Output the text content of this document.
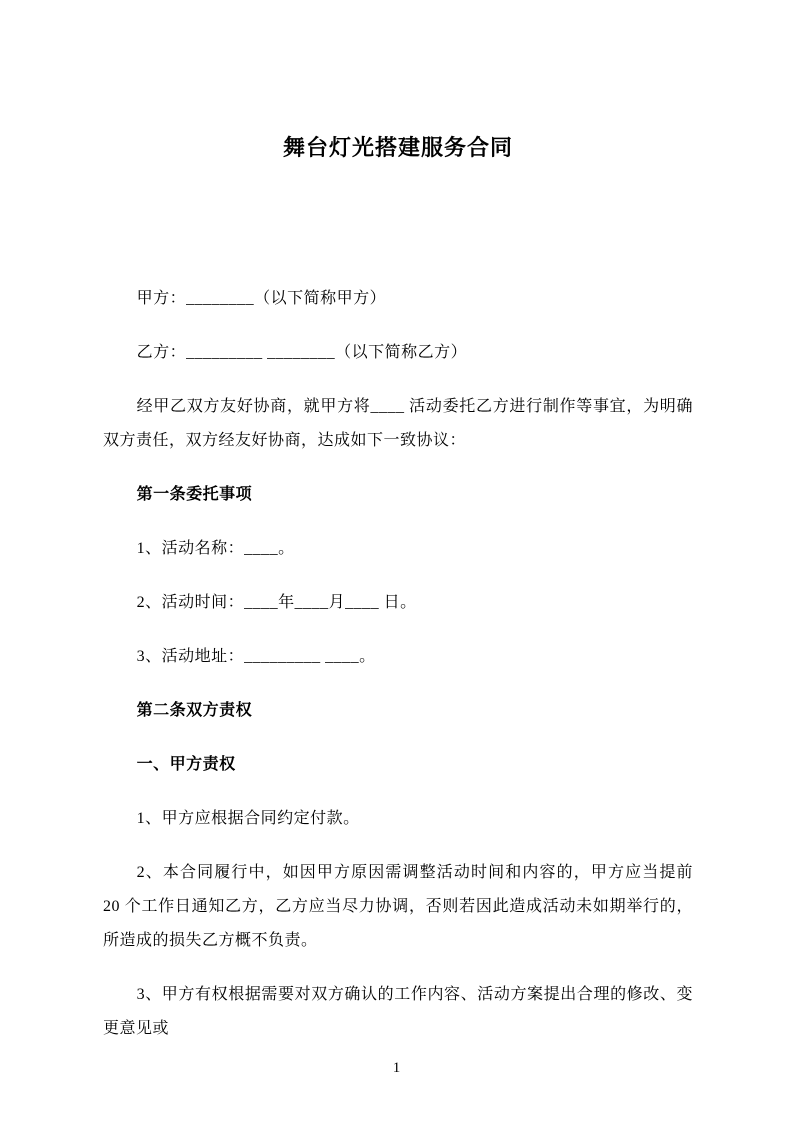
舞台灯光搭建服务合同

甲方：________（以下简称甲方）

乙方：_________ ________（以下简称乙方）

经甲乙双方友好协商，就甲方将____ 活动委托乙方进行制作等事宜，为明确双方责任，双方经友好协商，达成如下一致协议：

第一条委托事项

1、活动名称：____。

2、活动时间：____年____月____ 日。

3、活动地址：_________ ____。

第二条双方责权

一、甲方责权

1、甲方应根据合同约定付款。

2、本合同履行中，如因甲方原因需调整活动时间和内容的，甲方应当提前 20 个工作日通知乙方，乙方应当尽力协调，否则若因此造成活动未如期举行的，所造成的损失乙方概不负责。

3、甲方有权根据需要对双方确认的工作内容、活动方案提出合理的修改、变更意见或

1
